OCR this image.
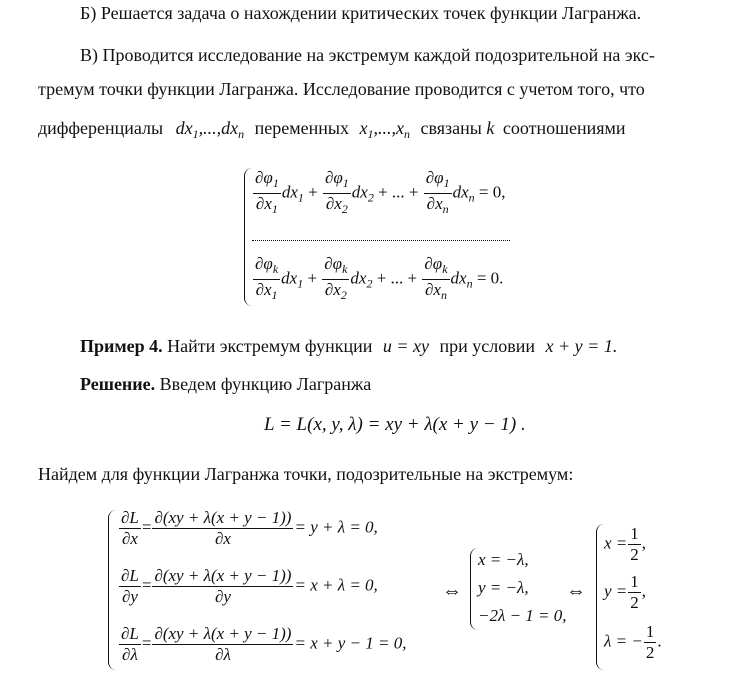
Б) Решается задача о нахождении критических точек функции Лагранжа.
В) Проводится исследование на экстремум каждой подозрительной на экс-
тремум точки функции Лагранжа. Исследование проводится с учетом того, что
дифференциалы $dx_1,...,dx_n$ переменных $x_1,...,x_n$ связаны k соотношениями
$\frac{\partial\varphi_1}{\partial x_1} dx_1 + \frac{\partial\varphi_1}{\partial x_2} dx_2$ + ... + $\frac{\partial\varphi_1}{\partial x_n} dx_n = 0$,
$\frac{\partial\varphi_k}{\partial x_1} dx_1 + \frac{\partial\varphi_k}{\partial x_2} dx_2$ + ... + $\frac{\partial\varphi_k}{\partial x_n} dx_n = 0$.
Пример 4. Найти экстремум функции u = xy при условии x + y = 1.
Решение. Введем функцию Лагранжа
L = L(x, y, λ) = xy + λ(x + y − 1) .
Найдем для функции Лагранжа точки, подозрительные на экстремум:
$\frac{\partial L}{\partial x} = \frac{\partial(xy + \lambda(x + y - 1))}{\partial x} = y + \lambda = 0$,
$\frac{\partial L}{\partial y} = \frac{\partial(xy + \lambda(x + y - 1))}{\partial y} = x + \lambda = 0$,
$\frac{\partial L}{\partial\lambda} = \frac{\partial(xy + \lambda(x + y - 1))}{\partial\lambda} = x + y - 1 = 0$,
⇔
x = −λ,
y = −λ,
−2λ − 1 = 0,
⇔
$x = \frac{1}{2}$ ,
$y = \frac{1}{2}$ ,
λ = − $\frac{1}{2}$ .
